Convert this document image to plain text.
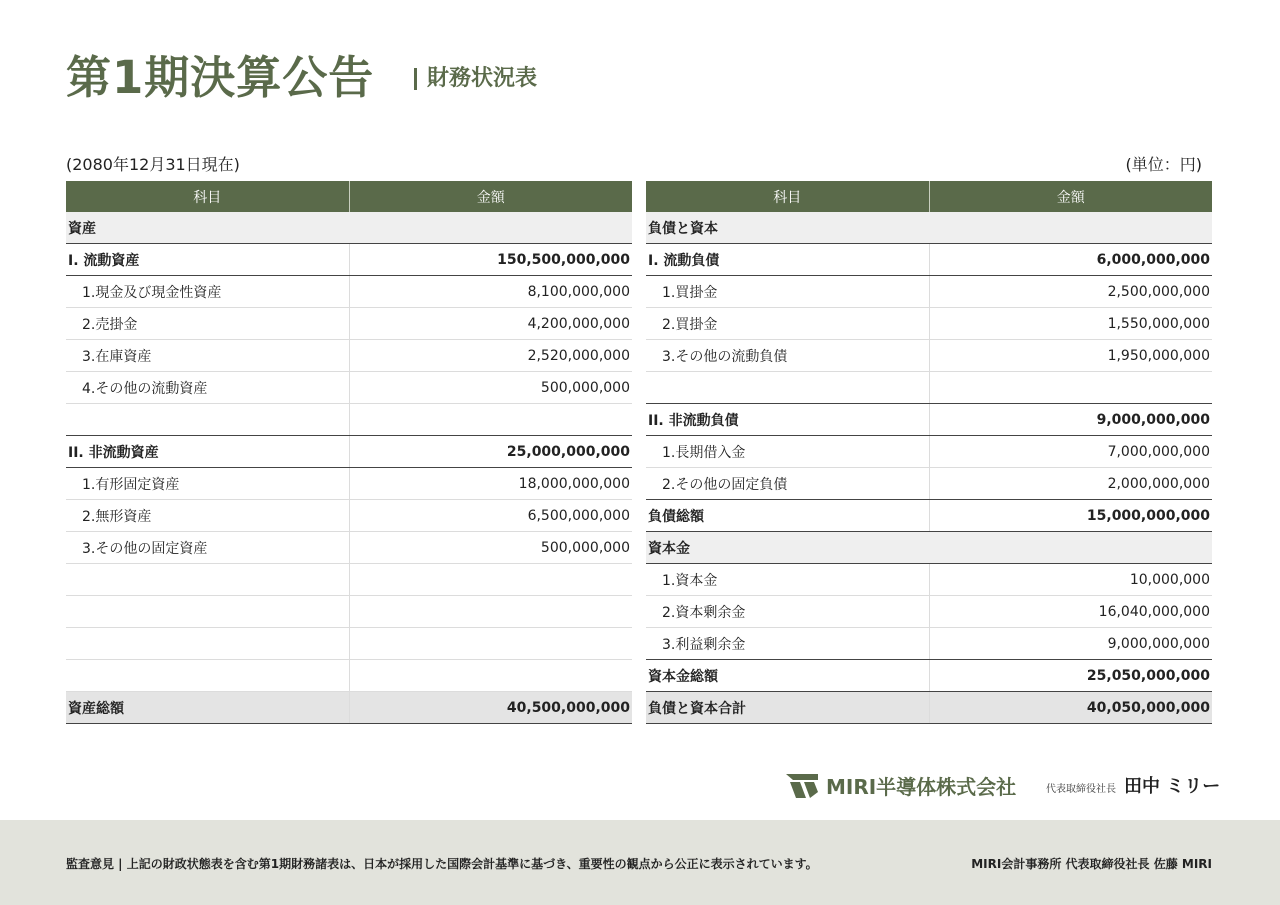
第1期決算公告 財務状況表
(2080年12月31日現在)	(単位：円)
科目	金額
資産	
I. 流動資産	150,500,000,000
1.現金及び現金性資産	8,100,000,000
2.売掛金	4,200,000,000
3.在庫資産	2,520,000,000
4.その他の流動資産	500,000,000

II. 非流動資産	25,000,000,000
1.有形固定資産	18,000,000,000
2.無形資産	6,500,000,000
3.その他の固定資産	500,000,000

資産総額	40,500,000,000
科目	金額
負債と資本	
I. 流動負債	6,000,000,000
1.買掛金	2,500,000,000
2.買掛金	1,550,000,000
3.その他の流動負債	1,950,000,000

II. 非流動負債	9,000,000,000
1.長期借入金	7,000,000,000
2.その他の固定負債	2,000,000,000
負債総額	15,000,000,000
資本金	
1.資本金	10,000,000
2.資本剰余金	16,040,000,000
3.利益剰余金	9,000,000,000
資本金総額	25,050,000,000
負債と資本合計	40,050,000,000
MIRI半導体株式会社	代表取締役社長 田中 ミリー
監査意見 | 上記の財政状態表を含む第1期財務諸表は、日本が採用した国際会計基準に基づき、重要性の観点から公正に表示されています。	MIRI会計事務所 代表取締役社長 佐藤 MIRI
